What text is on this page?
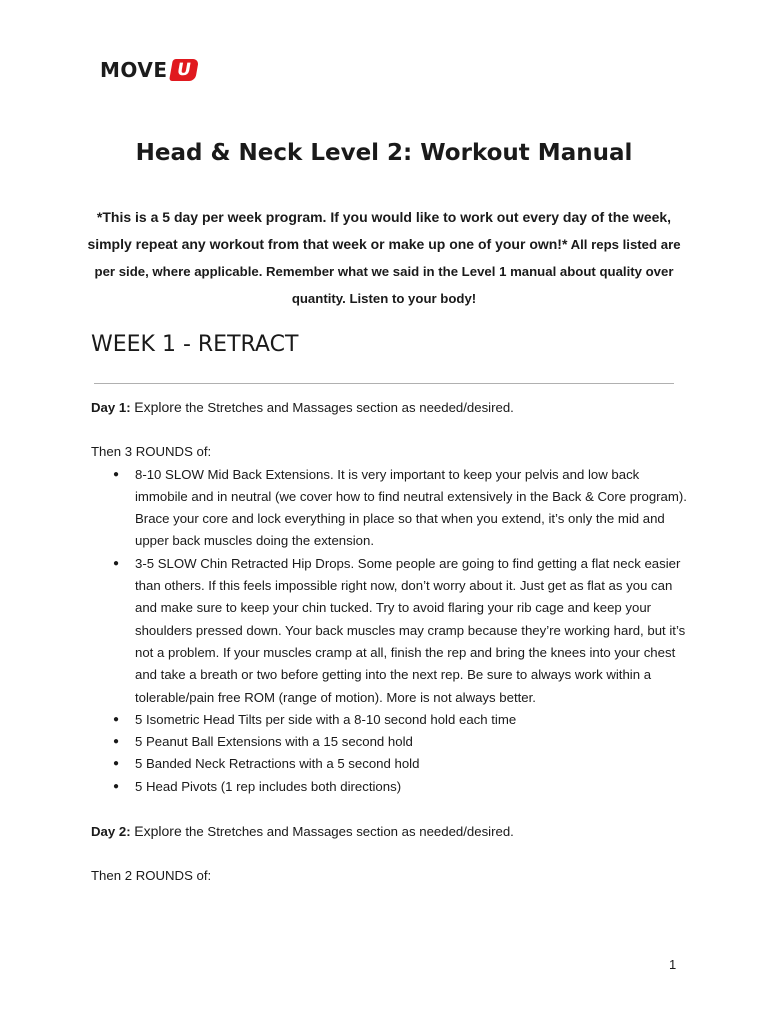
MOVE U
Head & Neck Level 2: Workout Manual

*This is a 5 day per week program. If you would like to work out every day of the week, simply repeat any workout from that week or make up one of your own!* All reps listed are per side, where applicable. Remember what we said in the Level 1 manual about quality over quantity. Listen to your body!

WEEK 1 - RETRACT

Day 1: Explore the Stretches and Massages section as needed/desired.

Then 3 ROUNDS of:

● 8-10 SLOW Mid Back Extensions. It is very important to keep your pelvis and low back immobile and in neutral (we cover how to find neutral extensively in the Back & Core program). Brace your core and lock everything in place so that when you extend, it’s only the mid and upper back muscles doing the extension.
● 3-5 SLOW Chin Retracted Hip Drops. Some people are going to find getting a flat neck easier than others. If this feels impossible right now, don’t worry about it. Just get as flat as you can and make sure to keep your chin tucked. Try to avoid flaring your rib cage and keep your shoulders pressed down. Your back muscles may cramp because they’re working hard, but it’s not a problem. If your muscles cramp at all, finish the rep and bring the knees into your chest and take a breath or two before getting into the next rep. Be sure to always work within a tolerable/pain free ROM (range of motion). More is not always better.
● 5 Isometric Head Tilts per side with a 8-10 second hold each time
● 5 Peanut Ball Extensions with a 15 second hold
● 5 Banded Neck Retractions with a 5 second hold
● 5 Head Pivots (1 rep includes both directions)

Day 2: Explore the Stretches and Massages section as needed/desired.

Then 2 ROUNDS of:

1
